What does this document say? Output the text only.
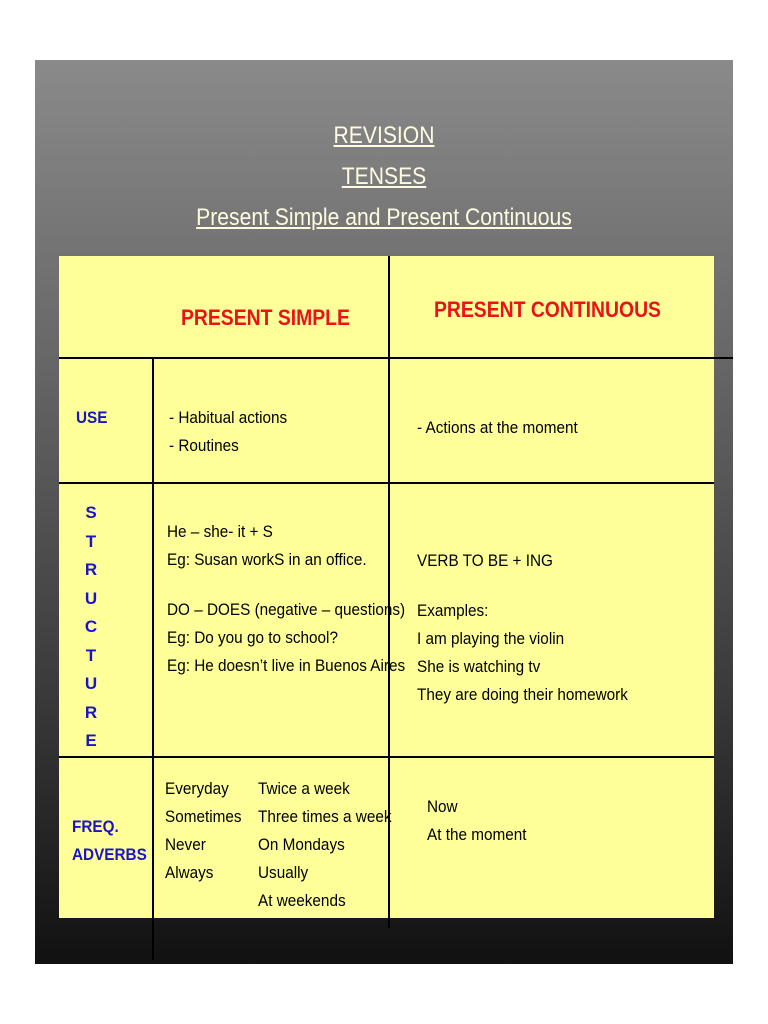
REVISION
TENSES
Present Simple and Present Continuous
PRESENT SIMPLE	PRESENT CONTINUOUS
USE	- Habitual actions
- Routines
- Actions at the moment
S
T
R
U
C
T
U
R
E
He – she- it + S
Eg: Susan workS in an office.
DO – DOES (negative – questions)
Eg: Do you go to school?
Eg: He doesn’t live in Buenos Aires
VERB TO BE + ING
Examples:
I am playing the violin
She is watching tv
They are doing their homework
FREQ.
ADVERBS
Everyday
Sometimes
Never
Always
Twice a week
Three times a week
On Mondays
Usually
At weekends
Now
At the moment
